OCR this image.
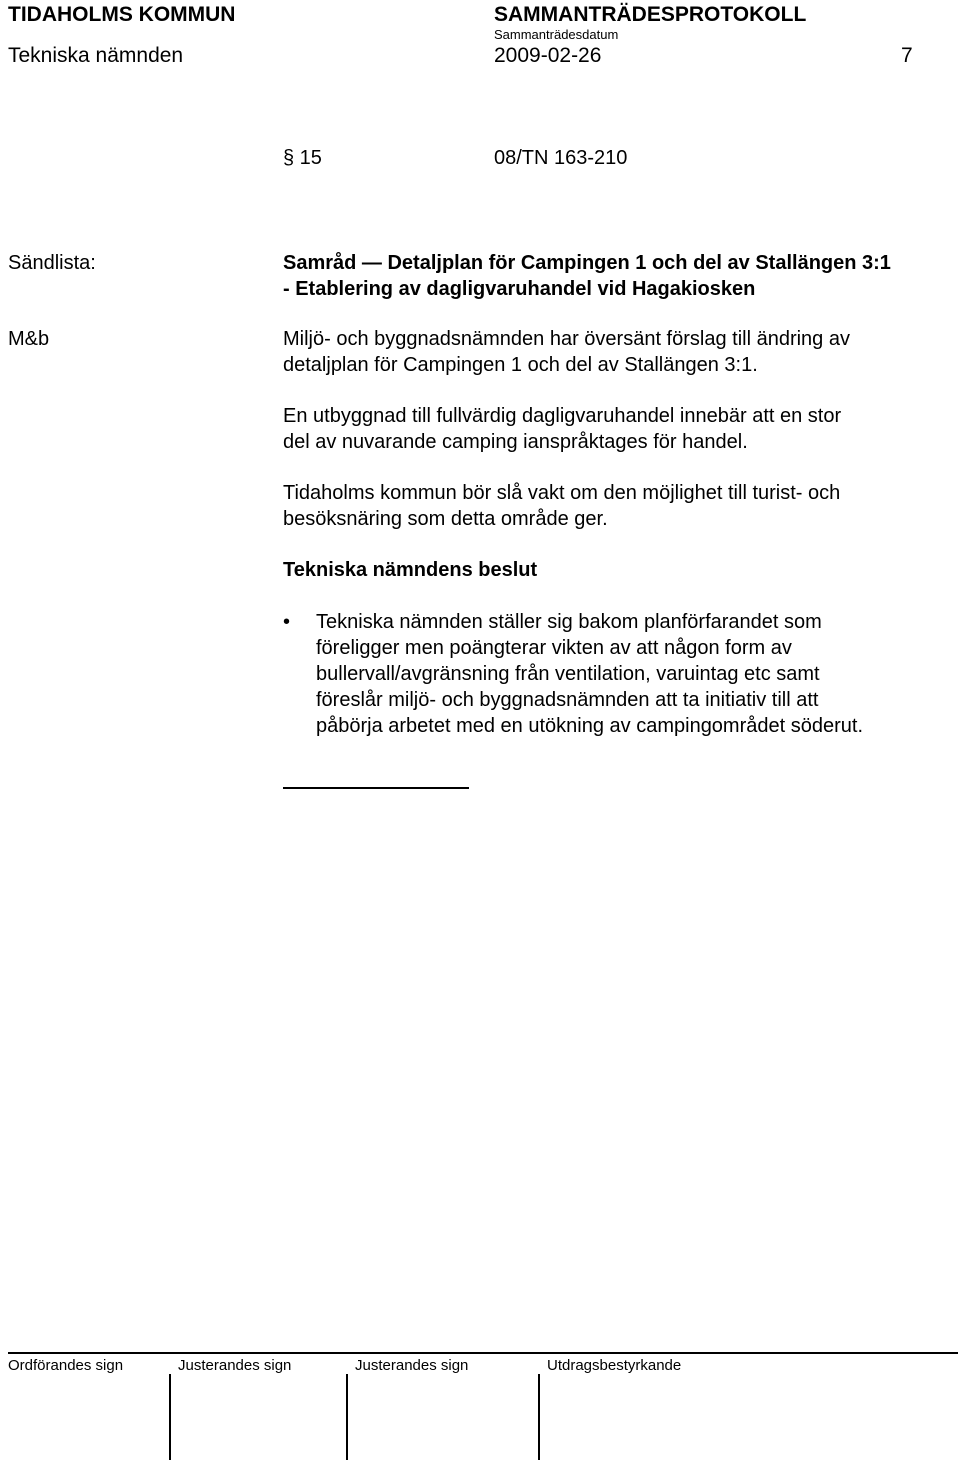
TIDAHOLMS KOMMUN	SAMMANTRÄDESPROTOKOLL
Sammanträdesdatum
Tekniska nämnden	2009-02-26	7
§ 15	08/TN 163-210
Sändlista:
M&b
Samråd — Detaljplan för Campingen 1 och del av Stallängen 3:1
- Etablering av dagligvaruhandel vid Hagakiosken
Miljö- och byggnadsnämnden har översänt förslag till ändring av
detaljplan för Campingen 1 och del av Stallängen 3:1.
En utbyggnad till fullvärdig dagligvaruhandel innebär att en stor
del av nuvarande camping ianspråktages för handel.
Tidaholms kommun bör slå vakt om den möjlighet till turist- och
besöksnäring som detta område ger.
Tekniska nämndens beslut
• Tekniska nämnden ställer sig bakom planförfarandet som
föreligger men poängterar vikten av att någon form av
bullervall/avgränsning från ventilation, varuintag etc samt
föreslår miljö- och byggnadsnämnden att ta initiativ till att
påbörja arbetet med en utökning av campingområdet söderut.
Ordförandes sign	Justerandes sign	Justerandes sign	Utdragsbestyrkande
